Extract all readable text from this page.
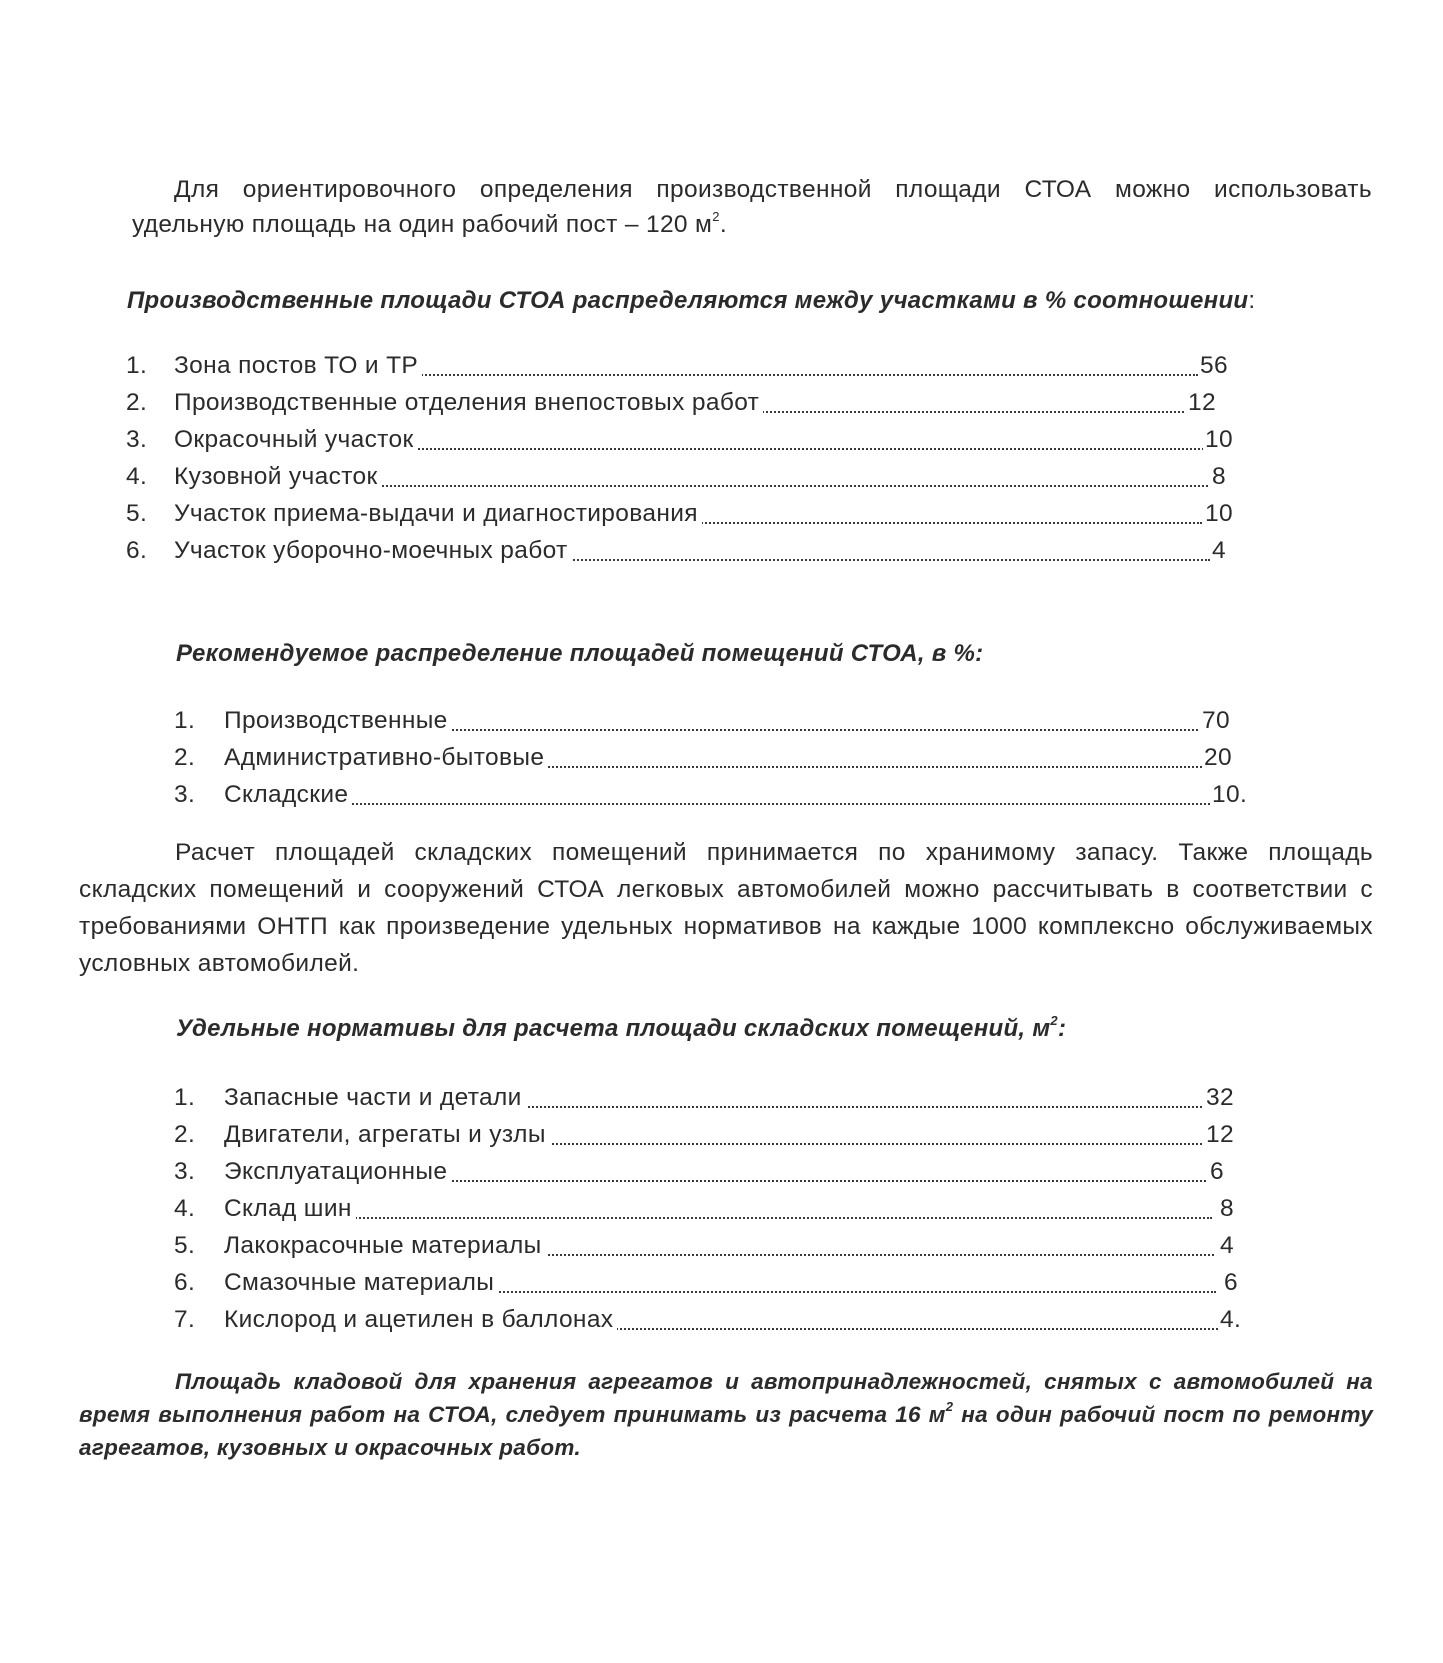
Для ориентировочного определения производственной площади СТОА можно использовать удельную площадь на один рабочий пост – 120 $м^2$.

Производственные площади СТОА распределяются между участками в % соотношении:

1. Зона постов ТО и ТР	56
2. Производственные отделения внепостовых работ	12
3. Окрасочный участок	10
4. Кузовной участок	8
5. Участок приема-выдачи и диагностирования	10
6. Участок уборочно-моечных работ	4

Рекомендуемое распределение площадей помещений СТОА, в %:

1. Производственные	70
2. Административно-бытовые	20
3. Складские	10.

Расчет площадей складских помещений принимается по хранимому запасу. Также площадь складских помещений и сооружений СТОА легковых автомобилей можно рассчитывать в соответствии с требованиями ОНТП как произведение удельных нормативов на каждые 1000 комплексно обслуживаемых условных автомобилей.

Удельные нормативы для расчета площади складских помещений, $м^2$:

1. Запасные части и детали	32
2. Двигатели, агрегаты и узлы	12
3. Эксплуатационные	6
4. Склад шин	8
5. Лакокрасочные материалы	4
6. Смазочные материалы	6
7. Кислород и ацетилен в баллонах	4.

Площадь кладовой для хранения агрегатов и автопринадлежностей, снятых с автомобилей на время выполнения работ на СТОА, следует принимать из расчета 16 $м^2$ на один рабочий пост по ремонту агрегатов, кузовных и окрасочных работ.
